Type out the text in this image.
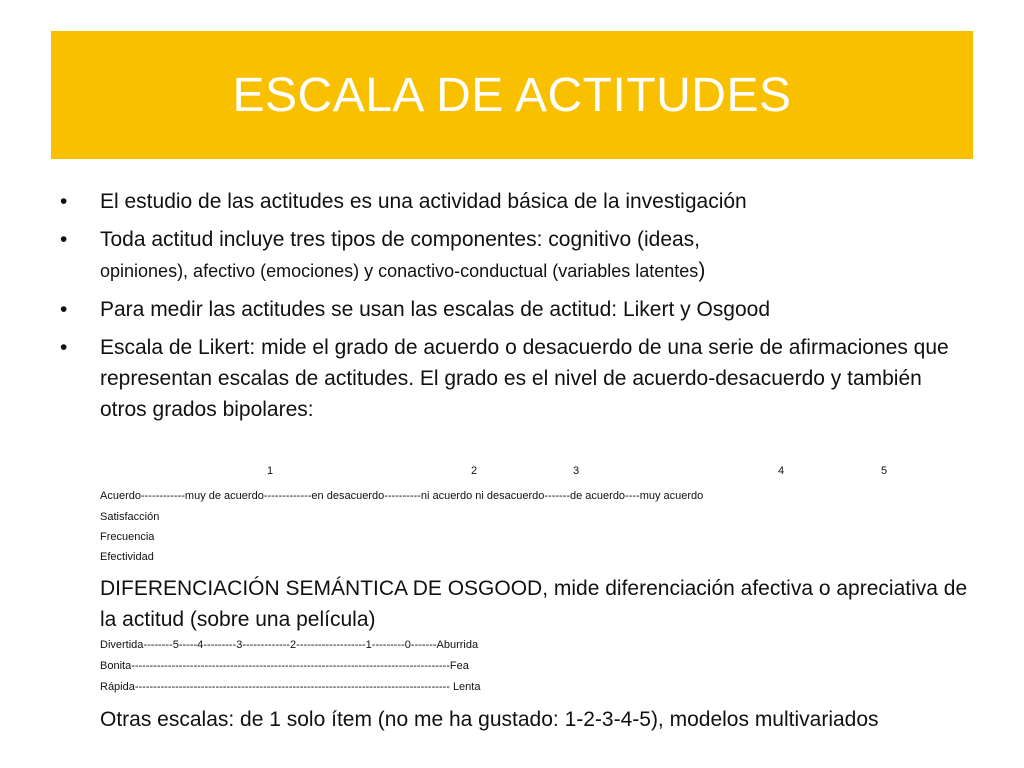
ESCALA DE ACTITUDES
• El estudio de las actitudes es una actividad básica de la investigación
• Toda actitud incluye tres tipos de componentes: cognitivo (ideas,
opiniones), afectivo (emociones) y conactivo-conductual (variables latentes)
• Para medir las actitudes se usan las escalas de actitud: Likert y Osgood
• Escala de Likert: mide el grado de acuerdo o desacuerdo de una serie de afirmaciones que representan escalas de actitudes. El grado es el nivel de acuerdo-desacuerdo y también otros grados bipolares:
1	2	3	4	5
Acuerdo------------muy de acuerdo-------------en desacuerdo----------ni acuerdo ni desacuerdo-------de acuerdo----muy acuerdo
Satisfacción
Frecuencia
Efectividad
DIFERENCIACIÓN SEMÁNTICA DE OSGOOD, mide diferenciación afectiva o apreciativa de la actitud (sobre una película)
Divertida--------5-----4---------3-------------2-------------------1---------0-------Aburrida
Bonita---------------------------------------------------------------------------------------Fea
Rápida-------------------------------------------------------------------------------------- Lenta
Otras escalas: de 1 solo ítem (no me ha gustado: 1-2-3-4-5), modelos multivariados
